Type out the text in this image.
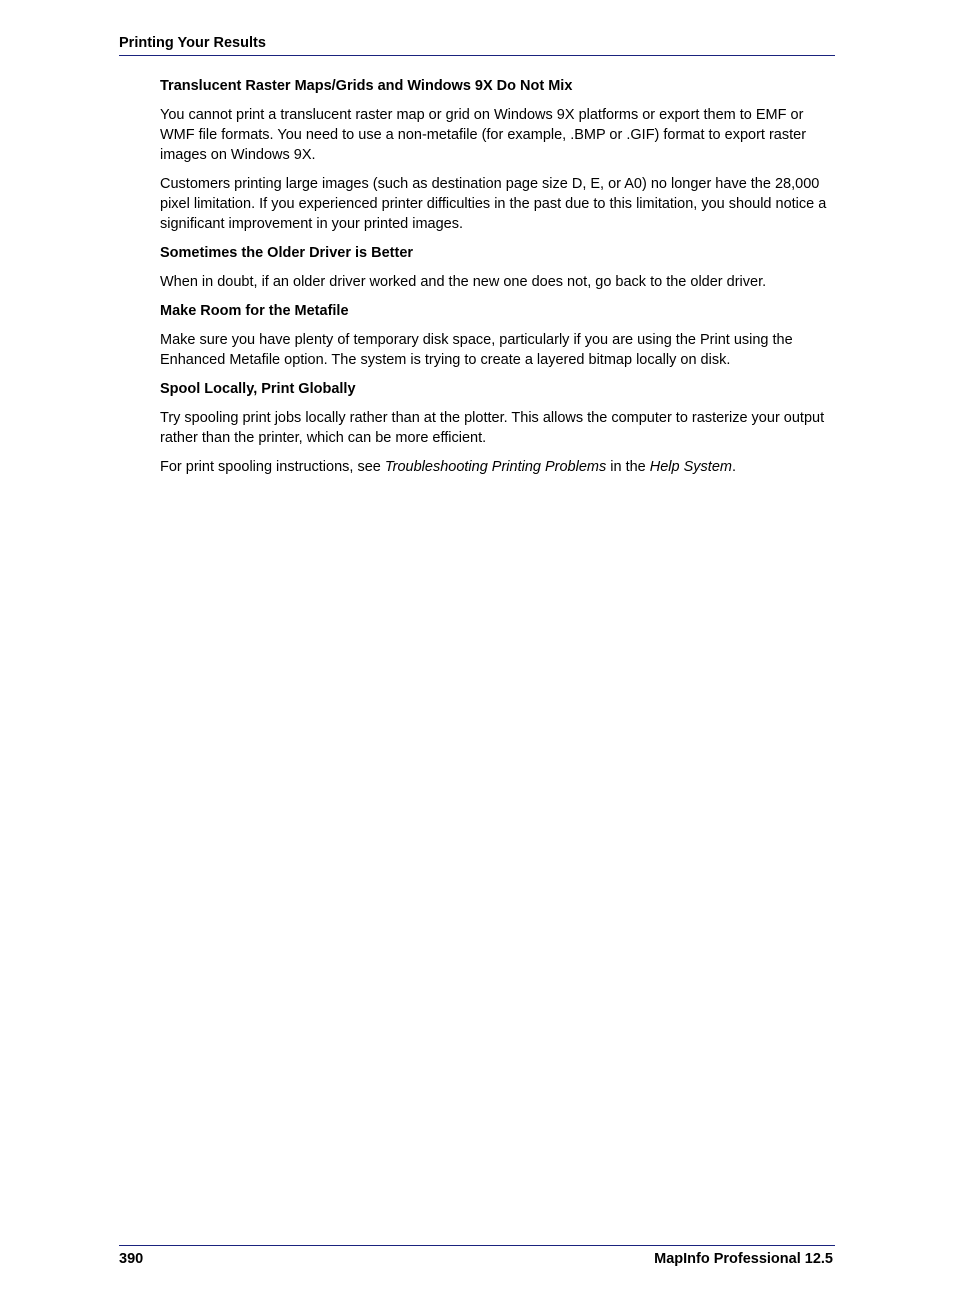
Printing Your Results
Translucent Raster Maps/Grids and Windows 9X Do Not Mix

You cannot print a translucent raster map or grid on Windows 9X platforms or export them to EMF or WMF file formats. You need to use a non-metafile (for example, .BMP or .GIF) format to export raster images on Windows 9X.

Customers printing large images (such as destination page size D, E, or A0) no longer have the 28,000 pixel limitation. If you experienced printer difficulties in the past due to this limitation, you should notice a significant improvement in your printed images.

Sometimes the Older Driver is Better

When in doubt, if an older driver worked and the new one does not, go back to the older driver.

Make Room for the Metafile

Make sure you have plenty of temporary disk space, particularly if you are using the Print using the Enhanced Metafile option. The system is trying to create a layered bitmap locally on disk.

Spool Locally, Print Globally

Try spooling print jobs locally rather than at the plotter. This allows the computer to rasterize your output rather than the printer, which can be more efficient.

For print spooling instructions, see Troubleshooting Printing Problems in the Help System.

390	MapInfo Professional 12.5
